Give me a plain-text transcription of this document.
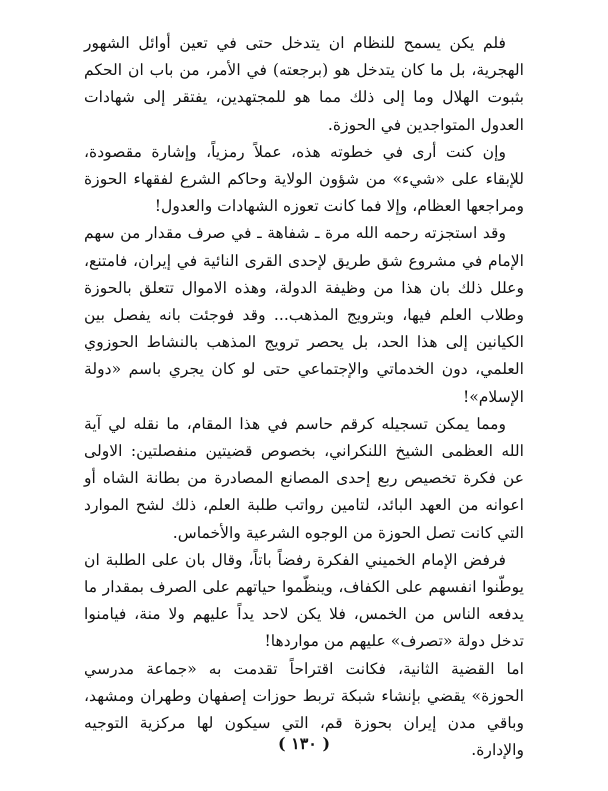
فلم يكن يسمح للنظام ان يتدخل حتى في تعين أوائل الشهور الهجرية، بل ما كان يتدخل هو (برجعته) في الأمر، من باب ان الحكم بثبوت الهلال وما إلى ذلك مما هو للمجتهدين، يفتقر إلى شهادات العدول المتواجدين في الحوزة.

وإن كنت أرى في خطوته هذه، عملاً رمزياً، وإشارة مقصودة، للإبقاء على «شيء» من شؤون الولاية وحاكم الشرع لفقهاء الحوزة ومراجعها العظام، وإلا فما كانت تعوزه الشهادات والعدول!

وقد استجزته رحمه الله مرة ـ شفاهة ـ في صرف مقدار من سهم الإمام في مشروع شق طريق لإحدى القرى النائية في إيران، فامتنع، وعلل ذلك بان هذا من وظيفة الدولة، وهذه الاموال تتعلق بالحوزة وطلاب العلم فيها، وبترويج المذهب... وقد فوجئت بانه يفصل بين الكيانين إلى هذا الحد، بل يحصر ترويج المذهب بالنشاط الحوزوي العلمي، دون الخدماتي والإجتماعي حتى لو كان يجري باسم «دولة الإسلام»!

ومما يمكن تسجيله كرقم حاسم في هذا المقام، ما نقله لي آية الله العظمى الشيخ اللنكراني، بخصوص قضيتين منفصلتين: الاولى عن فكرة تخصيص ربع إحدى المصانع المصادرة من بطانة الشاه أو اعوانه من العهد البائد، لتامين رواتب طلبة العلم، ذلك لشح الموارد التي كانت تصل الحوزة من الوجوه الشرعية والأخماس.

فرفض الإمام الخميني الفكرة رفضاً باتاً، وقال بان على الطلبة ان يوطّنوا انفسهم على الكفاف، وينظّموا حياتهم على الصرف بمقدار ما يدفعه الناس من الخمس، فلا يكن لاحد يداً عليهم ولا منة، فيامنوا تدخل دولة «تصرف» عليهم من مواردها!

اما القضية الثانية، فكانت اقتراحاً تقدمت به «جماعة مدرسي الحوزة» يقضي بإنشاء شبكة تربط حوزات إصفهان وطهران ومشهد، وباقي مدن إيران بحوزة قم، التي سيكون لها مركزية التوجيه والإدارة.

( ١٣٠ )
